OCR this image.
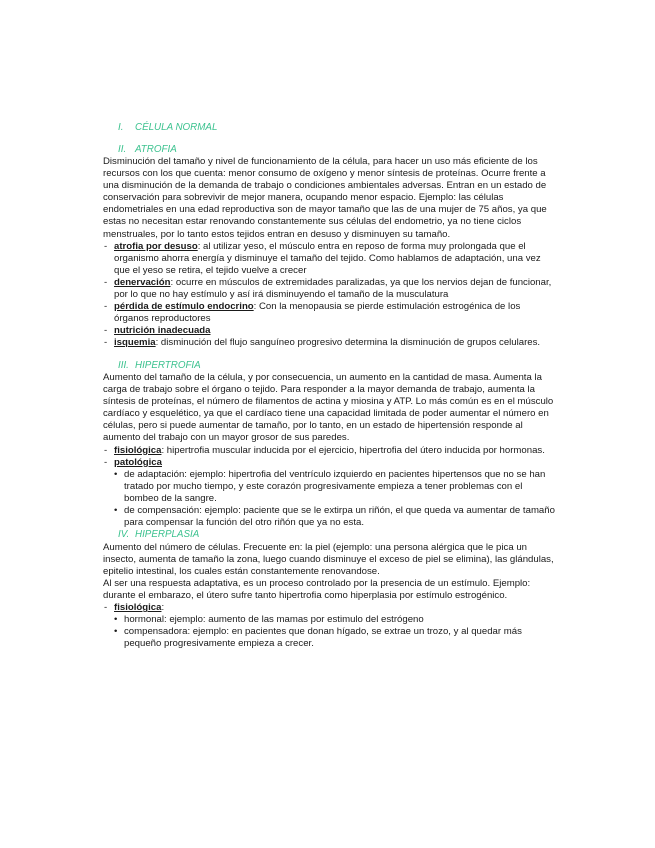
I. CÉLULA NORMAL
II. ATROFIA

Disminución del tamaño y nivel de funcionamiento de la célula, para hacer un uso más eficiente de los recursos con los que cuenta: menor consumo de oxígeno y menor síntesis de proteínas. Ocurre frente a una disminución de la demanda de trabajo o condiciones ambientales adversas. Entran en un estado de conservación para sobrevivir de mejor manera, ocupando menor espacio. Ejemplo: las células endometriales en una edad reproductiva son de mayor tamaño que las de una mujer de 75 años, ya que estas no necesitan estar renovando constantemente sus células del endometrio, ya no tiene ciclos menstruales, por lo tanto estos tejidos entran en desuso y disminuyen su tamaño.

- atrofia por desuso: al utilizar yeso, el músculo entra en reposo de forma muy prolongada que el organismo ahorra energía y disminuye el tamaño del tejido. Como hablamos de adaptación, una vez que el yeso se retira, el tejido vuelve a crecer
- denervación: ocurre en músculos de extremidades paralizadas, ya que los nervios dejan de funcionar, por lo que no hay estímulo y así irá disminuyendo el tamaño de la musculatura
- pérdida de estímulo endocrino: Con la menopausia se pierde estimulación estrogénica de los órganos reproductores
- nutrición inadecuada
- isquemia: disminución del flujo sanguíneo progresivo determina la disminución de grupos celulares.
III. HIPERTROFIA

Aumento del tamaño de la célula, y por consecuencia, un aumento en la cantidad de masa. Aumenta la carga de trabajo sobre el órgano o tejido. Para responder a la mayor demanda de trabajo, aumenta la síntesis de proteínas, el número de filamentos de actina y miosina y ATP. Lo más común es en el músculo cardíaco y esquelético, ya que el cardíaco tiene una capacidad limitada de poder aumentar el número en células, pero si puede aumentar de tamaño, por lo tanto, en un estado de hipertensión responde al aumento del trabajo con un mayor grosor de sus paredes.

- fisiológica: hipertrofia muscular inducida por el ejercicio, hipertrofia del útero inducida por hormonas.
- patológica
• de adaptación: ejemplo: hipertrofia del ventrículo izquierdo en pacientes hipertensos que no se han tratado por mucho tiempo, y este corazón progresivamente empieza a tener problemas con el bombeo de la sangre.
• de compensación: ejemplo: paciente que se le extirpa un riñón, el que queda va aumentar de tamaño para compensar la función del otro riñón que ya no esta.
IV. HIPERPLASIA

Aumento del número de células. Frecuente en: la piel (ejemplo: una persona alérgica que le pica un insecto, aumenta de tamaño la zona, luego cuando disminuye el exceso de piel se elimina), las glándulas, epitelio intestinal, los cuales están constantemente renovandose.

Al ser una respuesta adaptativa, es un proceso controlado por la presencia de un estímulo. Ejemplo: durante el embarazo, el útero sufre tanto hipertrofia como hiperplasia por estímulo estrogénico.

- fisiológica:
• hormonal: ejemplo: aumento de las mamas por estimulo del estrógeno
• compensadora: ejemplo: en pacientes que donan hígado, se extrae un trozo, y al quedar más pequeño progresivamente empieza a crecer.
